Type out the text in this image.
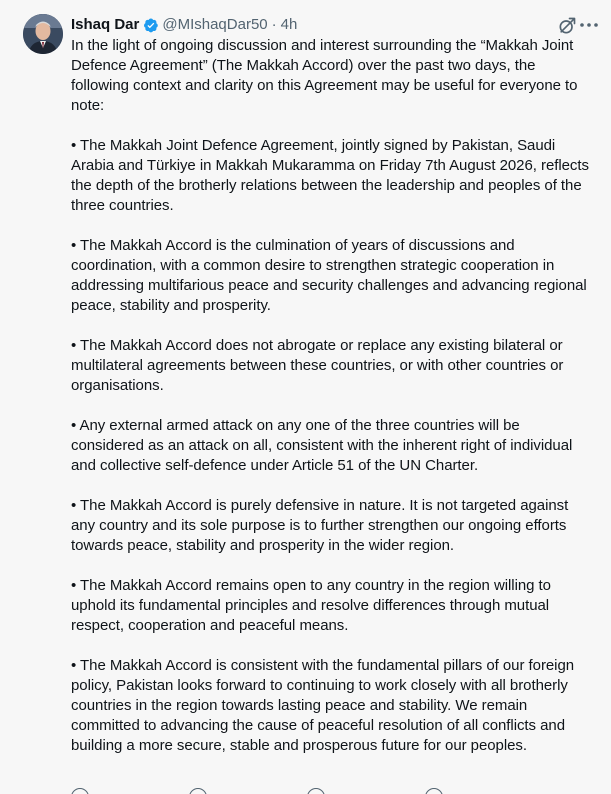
Ishaq Dar @MIshaqDar50 · 4h
In the light of ongoing discussion and interest surrounding the “Makkah Joint Defence Agreement” (The Makkah Accord) over the past two days, the following context and clarity on this Agreement may be useful for everyone to note:
• The Makkah Joint Defence Agreement, jointly signed by Pakistan, Saudi Arabia and Türkiye in Makkah Mukaramma on Friday 7th August 2026, reflects the depth of the brotherly relations between the leadership and peoples of the three countries.
• The Makkah Accord is the culmination of years of discussions and coordination, with a common desire to strengthen strategic cooperation in addressing multifarious peace and security challenges and advancing regional peace, stability and prosperity.
• The Makkah Accord does not abrogate or replace any existing bilateral or multilateral agreements between these countries, or with other countries or organisations.
• Any external armed attack on any one of the three countries will be considered as an attack on all, consistent with the inherent right of individual and collective self-defence under Article 51 of the UN Charter.
• The Makkah Accord is purely defensive in nature. It is not targeted against any country and its sole purpose is to further strengthen our ongoing efforts towards peace, stability and prosperity in the wider region.
• The Makkah Accord remains open to any country in the region willing to uphold its fundamental principles and resolve differences through mutual respect, cooperation and peaceful means.
• The Makkah Accord is consistent with the fundamental pillars of our foreign policy, Pakistan looks forward to continuing to work closely with all brotherly countries in the region towards lasting peace and stability. We remain committed to advancing the cause of peaceful resolution of all conflicts and building a more secure, stable and prosperous future for our peoples.
